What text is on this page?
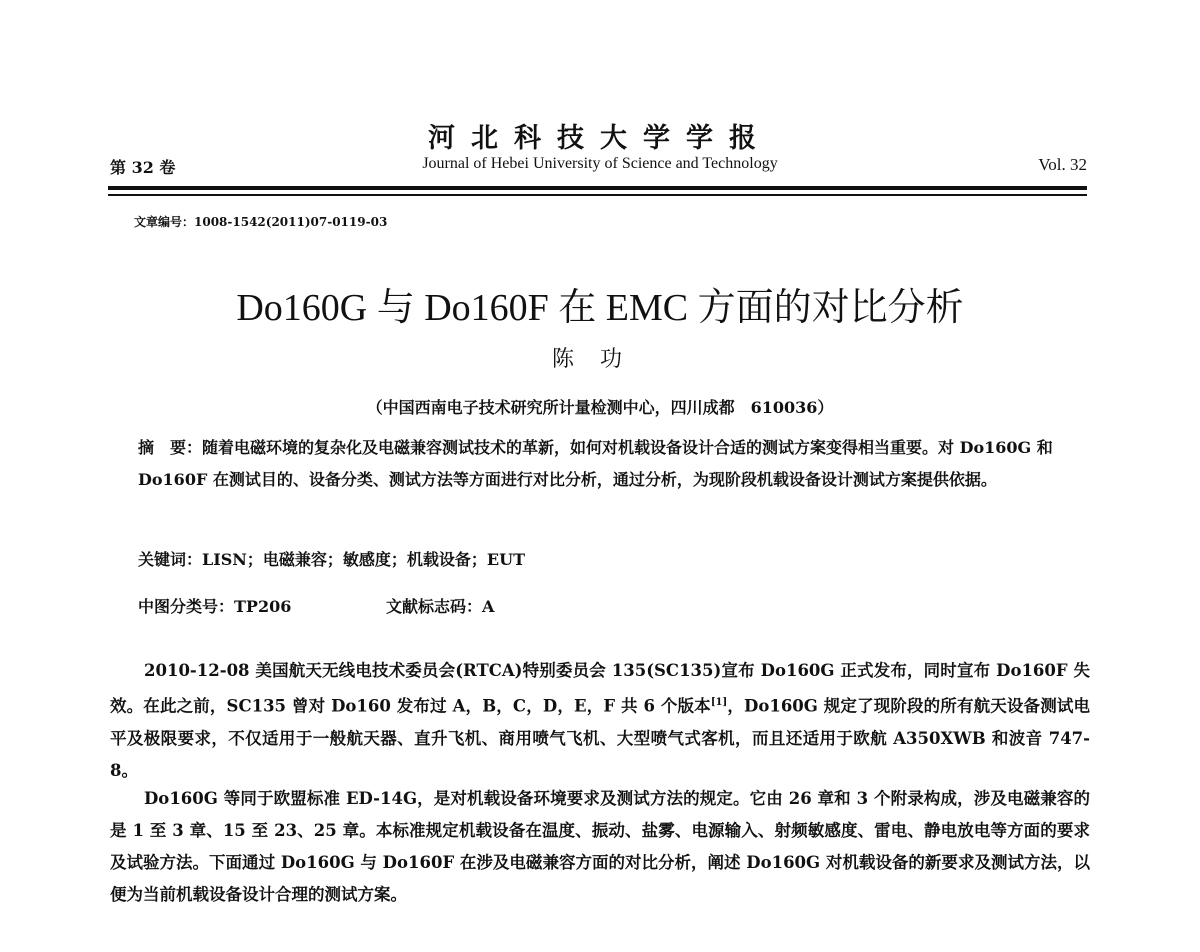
河北科技大学学报
第 32 卷	Journal of Hebei University of Science and Technology	Vol. 32
文章编号：1008-1542(2011)07-0119-03
Do160G 与 Do160F 在 EMC 方面的对比分析
陈功
（中国西南电子技术研究所计量检测中心，四川成都　610036）
摘　要：随着电磁环境的复杂化及电磁兼容测试技术的革新，如何对机载设备设计合适的测试方案变得相当重要。对 Do160G 和 Do160F 在测试目的、设备分类、测试方法等方面进行对比分析，通过分析，为现阶段机载设备设计测试方案提供依据。
关键词：LISN；电磁兼容；敏感度；机载设备；EUT
中图分类号：TP206	文献标志码：A
2010-12-08 美国航天无线电技术委员会(RTCA)特别委员会 135(SC135)宣布 Do160G 正式发布，同时宣布 Do160F 失效。在此之前，SC135 曾对 Do160 发布过 A，B，C，D，E，F 共 6 个版本[1]，Do160G 规定了现阶段的所有航天设备测试电平及极限要求，不仅适用于一般航天器、直升飞机、商用喷气飞机、大型喷气式客机，而且还适用于欧航 A350XWB 和波音 747-8。
Do160G 等同于欧盟标准 ED-14G，是对机载设备环境要求及测试方法的规定。它由 26 章和 3 个附录构成，涉及电磁兼容的是 1 至 3 章、15 至 23、25 章。本标准规定机载设备在温度、振动、盐雾、电源输入、射频敏感度、雷电、静电放电等方面的要求及试验方法。下面通过 Do160G 与 Do160F 在涉及电磁兼容方面的对比分析，阐述 Do160G 对机载设备的新要求及测试方法，以便为当前机载设备设计合理的测试方案。
